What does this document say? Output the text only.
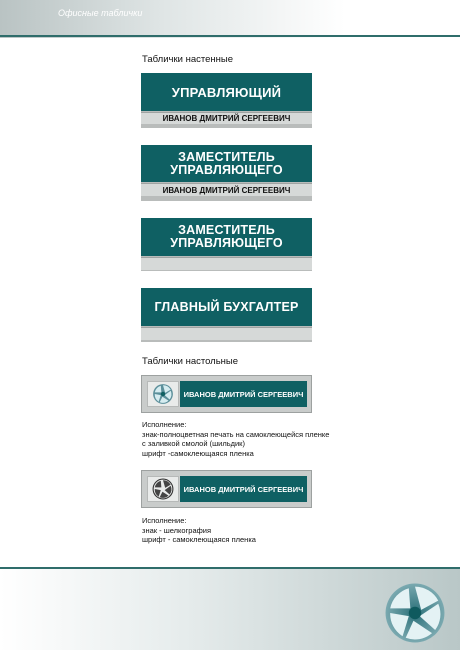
Офисные таблички
Таблички настенные
УПРАВЛЯЮЩИЙ
ИВАНОВ ДМИТРИЙ СЕРГЕЕВИЧ
ЗАМЕСТИТЕЛЬ УПРАВЛЯЮЩЕГО
ИВАНОВ ДМИТРИЙ СЕРГЕЕВИЧ
ЗАМЕСТИТЕЛЬ УПРАВЛЯЮЩЕГО
ГЛАВНЫЙ БУХГАЛТЕР
Таблички настольные
ИВАНОВ ДМИТРИЙ СЕРГЕЕВИЧ
Исполнение:
знак-полноцветная печать на самоклеющейся пленке
с заливкой смолой (шильдик)
шрифт -самоклеющаяся пленка
ИВАНОВ ДМИТРИЙ СЕРГЕЕВИЧ
Исполнение:
знак - шелкография
шрифт - самоклеющаяся пленка
